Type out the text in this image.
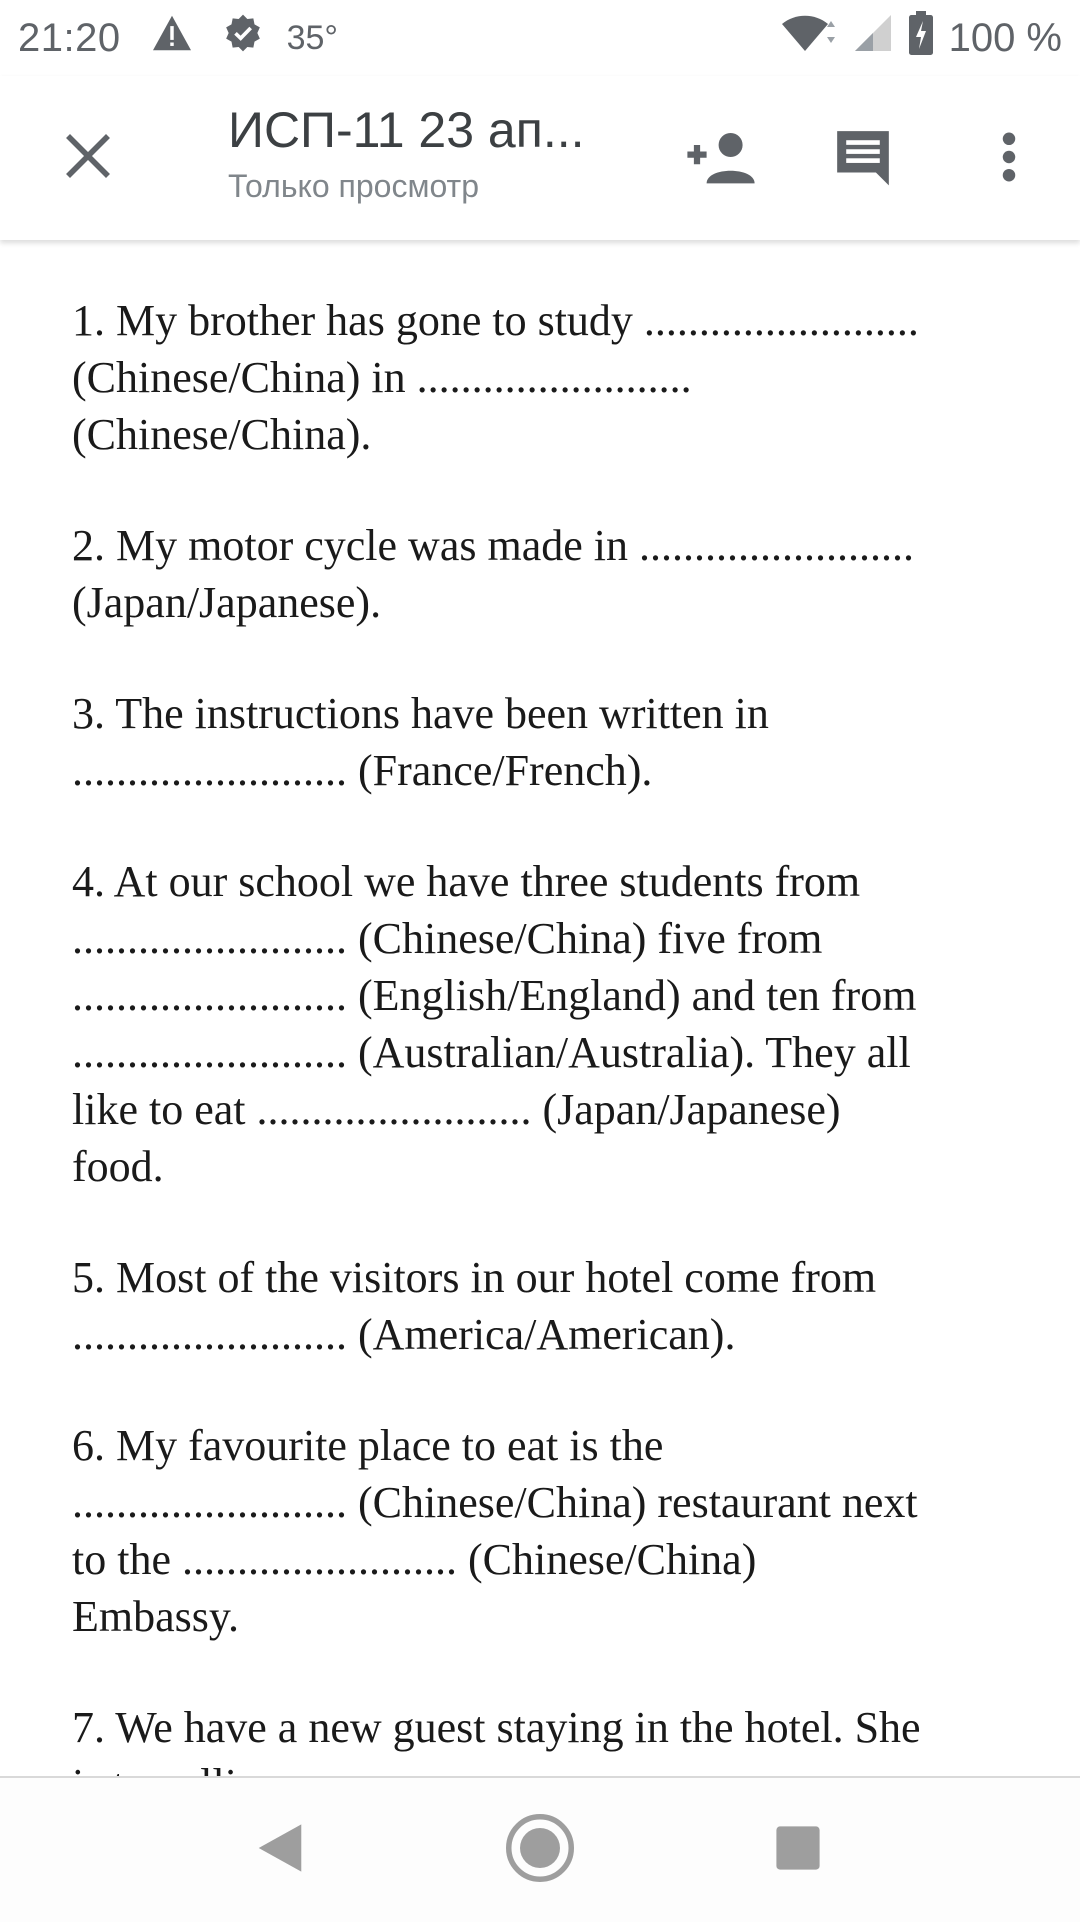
21:20	35°	100 %
ИСП-11 23 ап...
Только просмотр
1. My brother has gone to study .........................
(Chinese/China) in .........................
(Chinese/China).
2. My motor cycle was made in .........................
(Japan/Japanese).
3. The instructions have been written in
......................... (France/French).
4. At our school we have three students from
......................... (Chinese/China) five from
......................... (English/England) and ten from
......................... (Australian/Australia). They all
like to eat ......................... (Japan/Japanese)
food.
5. Most of the visitors in our hotel come from
......................... (America/American).
6. My favourite place to eat is the
......................... (Chinese/China) restaurant next
to the ......................... (Chinese/China)
Embassy.
7. We have a new guest staying in the hotel. She
